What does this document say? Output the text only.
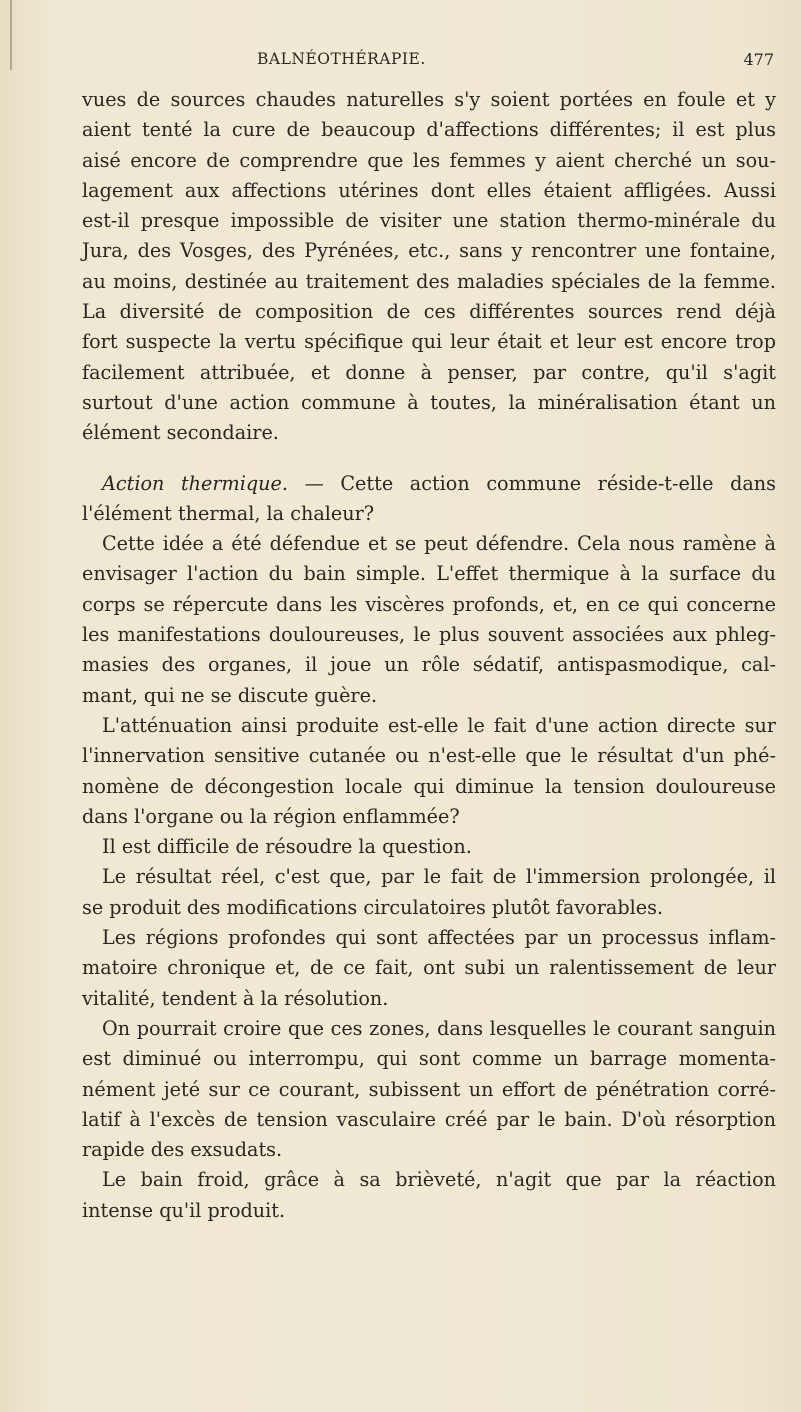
BALNÉOTHÉRAPIE.	477
vues de sources chaudes naturelles s'y soient portées en foule et y
aient tenté la cure de beaucoup d'affections différentes; il est plus
aisé encore de comprendre que les femmes y aient cherché un sou-
lagement aux affections utérines dont elles étaient affligées. Aussi
est-il presque impossible de visiter une station thermo-minérale du
Jura, des Vosges, des Pyrénées, etc., sans y rencontrer une fontaine,
au moins, destinée au traitement des maladies spéciales de la femme.
La diversité de composition de ces différentes sources rend déjà
fort suspecte la vertu spécifique qui leur était et leur est encore trop
facilement attribuée, et donne à penser, par contre, qu'il s'agit
surtout d'une action commune à toutes, la minéralisation étant un
élément secondaire.
Action thermique. — Cette action commune réside-t-elle dans
l'élément thermal, la chaleur?
Cette idée a été défendue et se peut défendre. Cela nous ramène à
envisager l'action du bain simple. L'effet thermique à la surface du
corps se répercute dans les viscères profonds, et, en ce qui concerne
les manifestations douloureuses, le plus souvent associées aux phleg-
masies des organes, il joue un rôle sédatif, antispasmodique, cal-
mant, qui ne se discute guère.
L'atténuation ainsi produite est-elle le fait d'une action directe sur
l'innervation sensitive cutanée ou n'est-elle que le résultat d'un phé-
nomène de décongestion locale qui diminue la tension douloureuse
dans l'organe ou la région enflammée?
Il est difficile de résoudre la question.
Le résultat réel, c'est que, par le fait de l'immersion prolongée, il
se produit des modifications circulatoires plutôt favorables.
Les régions profondes qui sont affectées par un processus inflam-
matoire chronique et, de ce fait, ont subi un ralentissement de leur
vitalité, tendent à la résolution.
On pourrait croire que ces zones, dans lesquelles le courant sanguin
est diminué ou interrompu, qui sont comme un barrage momenta-
nément jeté sur ce courant, subissent un effort de pénétration corré-
latif à l'excès de tension vasculaire créé par le bain. D'où résorption
rapide des exsudats.
Le bain froid, grâce à sa brièveté, n'agit que par la réaction
intense qu'il produit.
